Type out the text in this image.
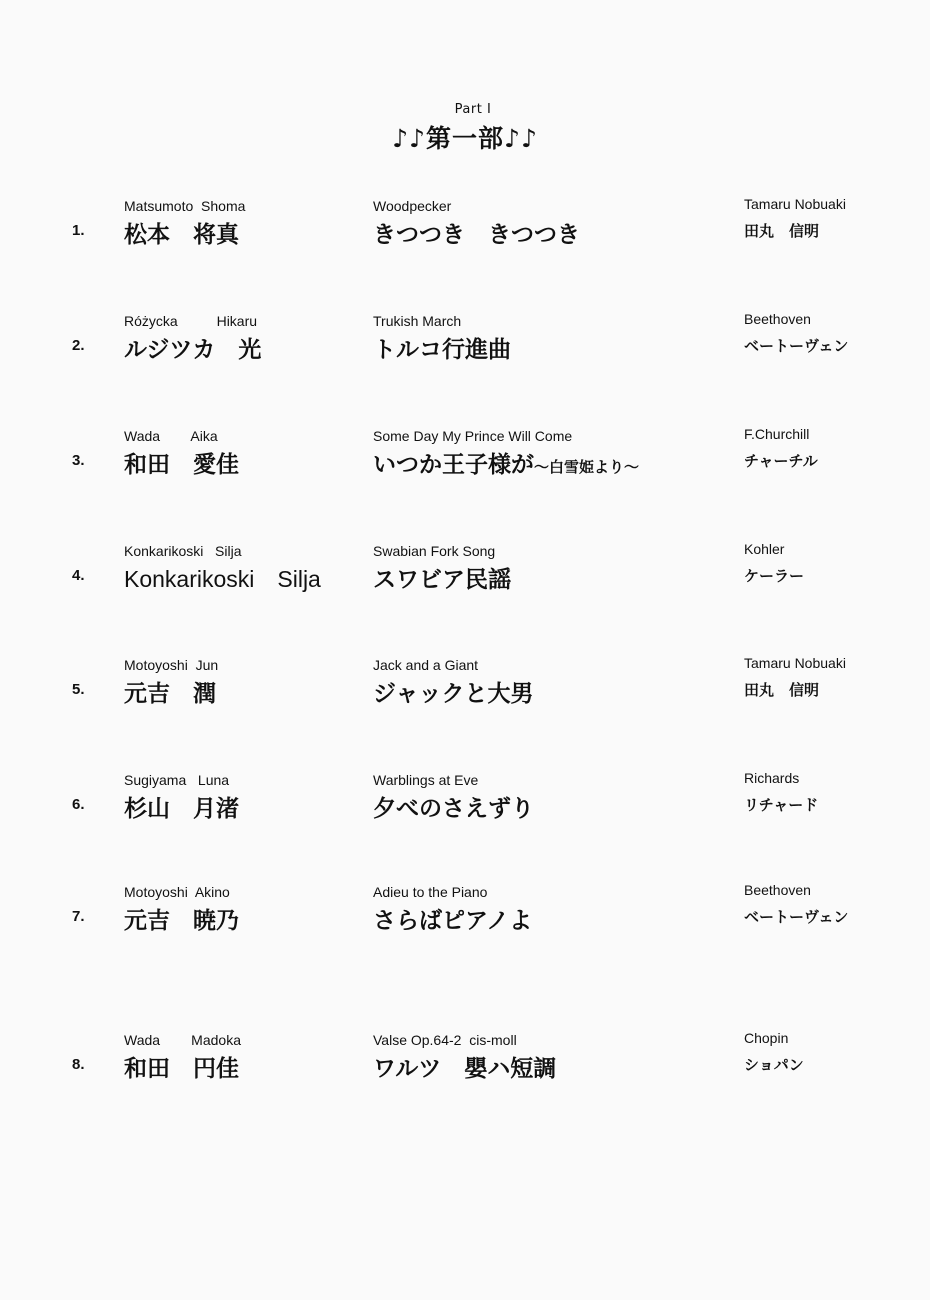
Part Ⅰ
♪♪第一部♪♪
1.
Matsumoto  Shoma
松本　将真
Woodpecker
きつつき　きつつき
Tamaru Nobuaki
田丸　信明
2.
Różycka          Hikaru
ルジツカ　光
Trukish March
トルコ行進曲
Beethoven
ベートーヴェン
3.
Wada        Aika
和田　愛佳
Some Day My Prince Will Come
いつか王子様が～白雪姫より～
F.Churchill
チャーチル
4.
Konkarikoski   Silja
Konkarikoski　Silja
Swabian Fork Song
スワビア民謡
Kohler
ケーラー
5.
Motoyoshi  Jun
元吉　潤
Jack and a Giant
ジャックと大男
Tamaru Nobuaki
田丸　信明
6.
Sugiyama   Luna
杉山　月渚
Warblings at Eve
夕べのさえずり
Richards
リチャード
7.
Motoyoshi  Akino
元吉　暁乃
Adieu to the Piano
さらばピアノよ
Beethoven
ベートーヴェン
8.
Wada        Madoka
和田　円佳
Valse Op.64-2  cis-moll
ワルツ　嬰ハ短調
Chopin
ショパン
